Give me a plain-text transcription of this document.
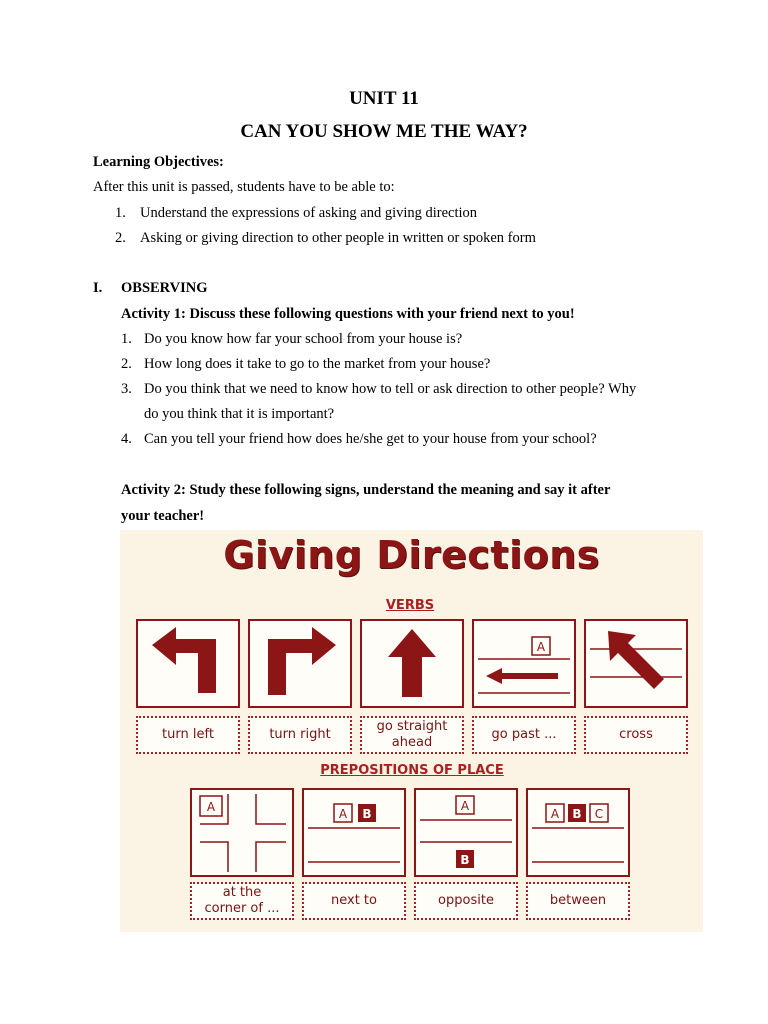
UNIT 11
CAN YOU SHOW ME THE WAY?
Learning Objectives:
After this unit is passed, students have to be able to:
1. Understand the expressions of asking and giving direction
2. Asking or giving direction to other people in written or spoken form
I. OBSERVING
Activity 1: Discuss these following questions with your friend next to you!
1. Do you know how far your school from your house is?
2. How long does it take to go to the market from your house?
3. Do you think that we need to know how to tell or ask direction to other people? Why
do you think that it is important?
4. Can you tell your friend how does he/she get to your house from your school?
Activity 2: Study these following signs, understand the meaning and say it after
your teacher!
Giving Directions
VERBS
A
turn left	turn right
go straight
ahead
go past ...	cross
PREPOSITIONS OF PLACE
A	A B
A
B
A B C
at the
corner of ...
next to	opposite	between
